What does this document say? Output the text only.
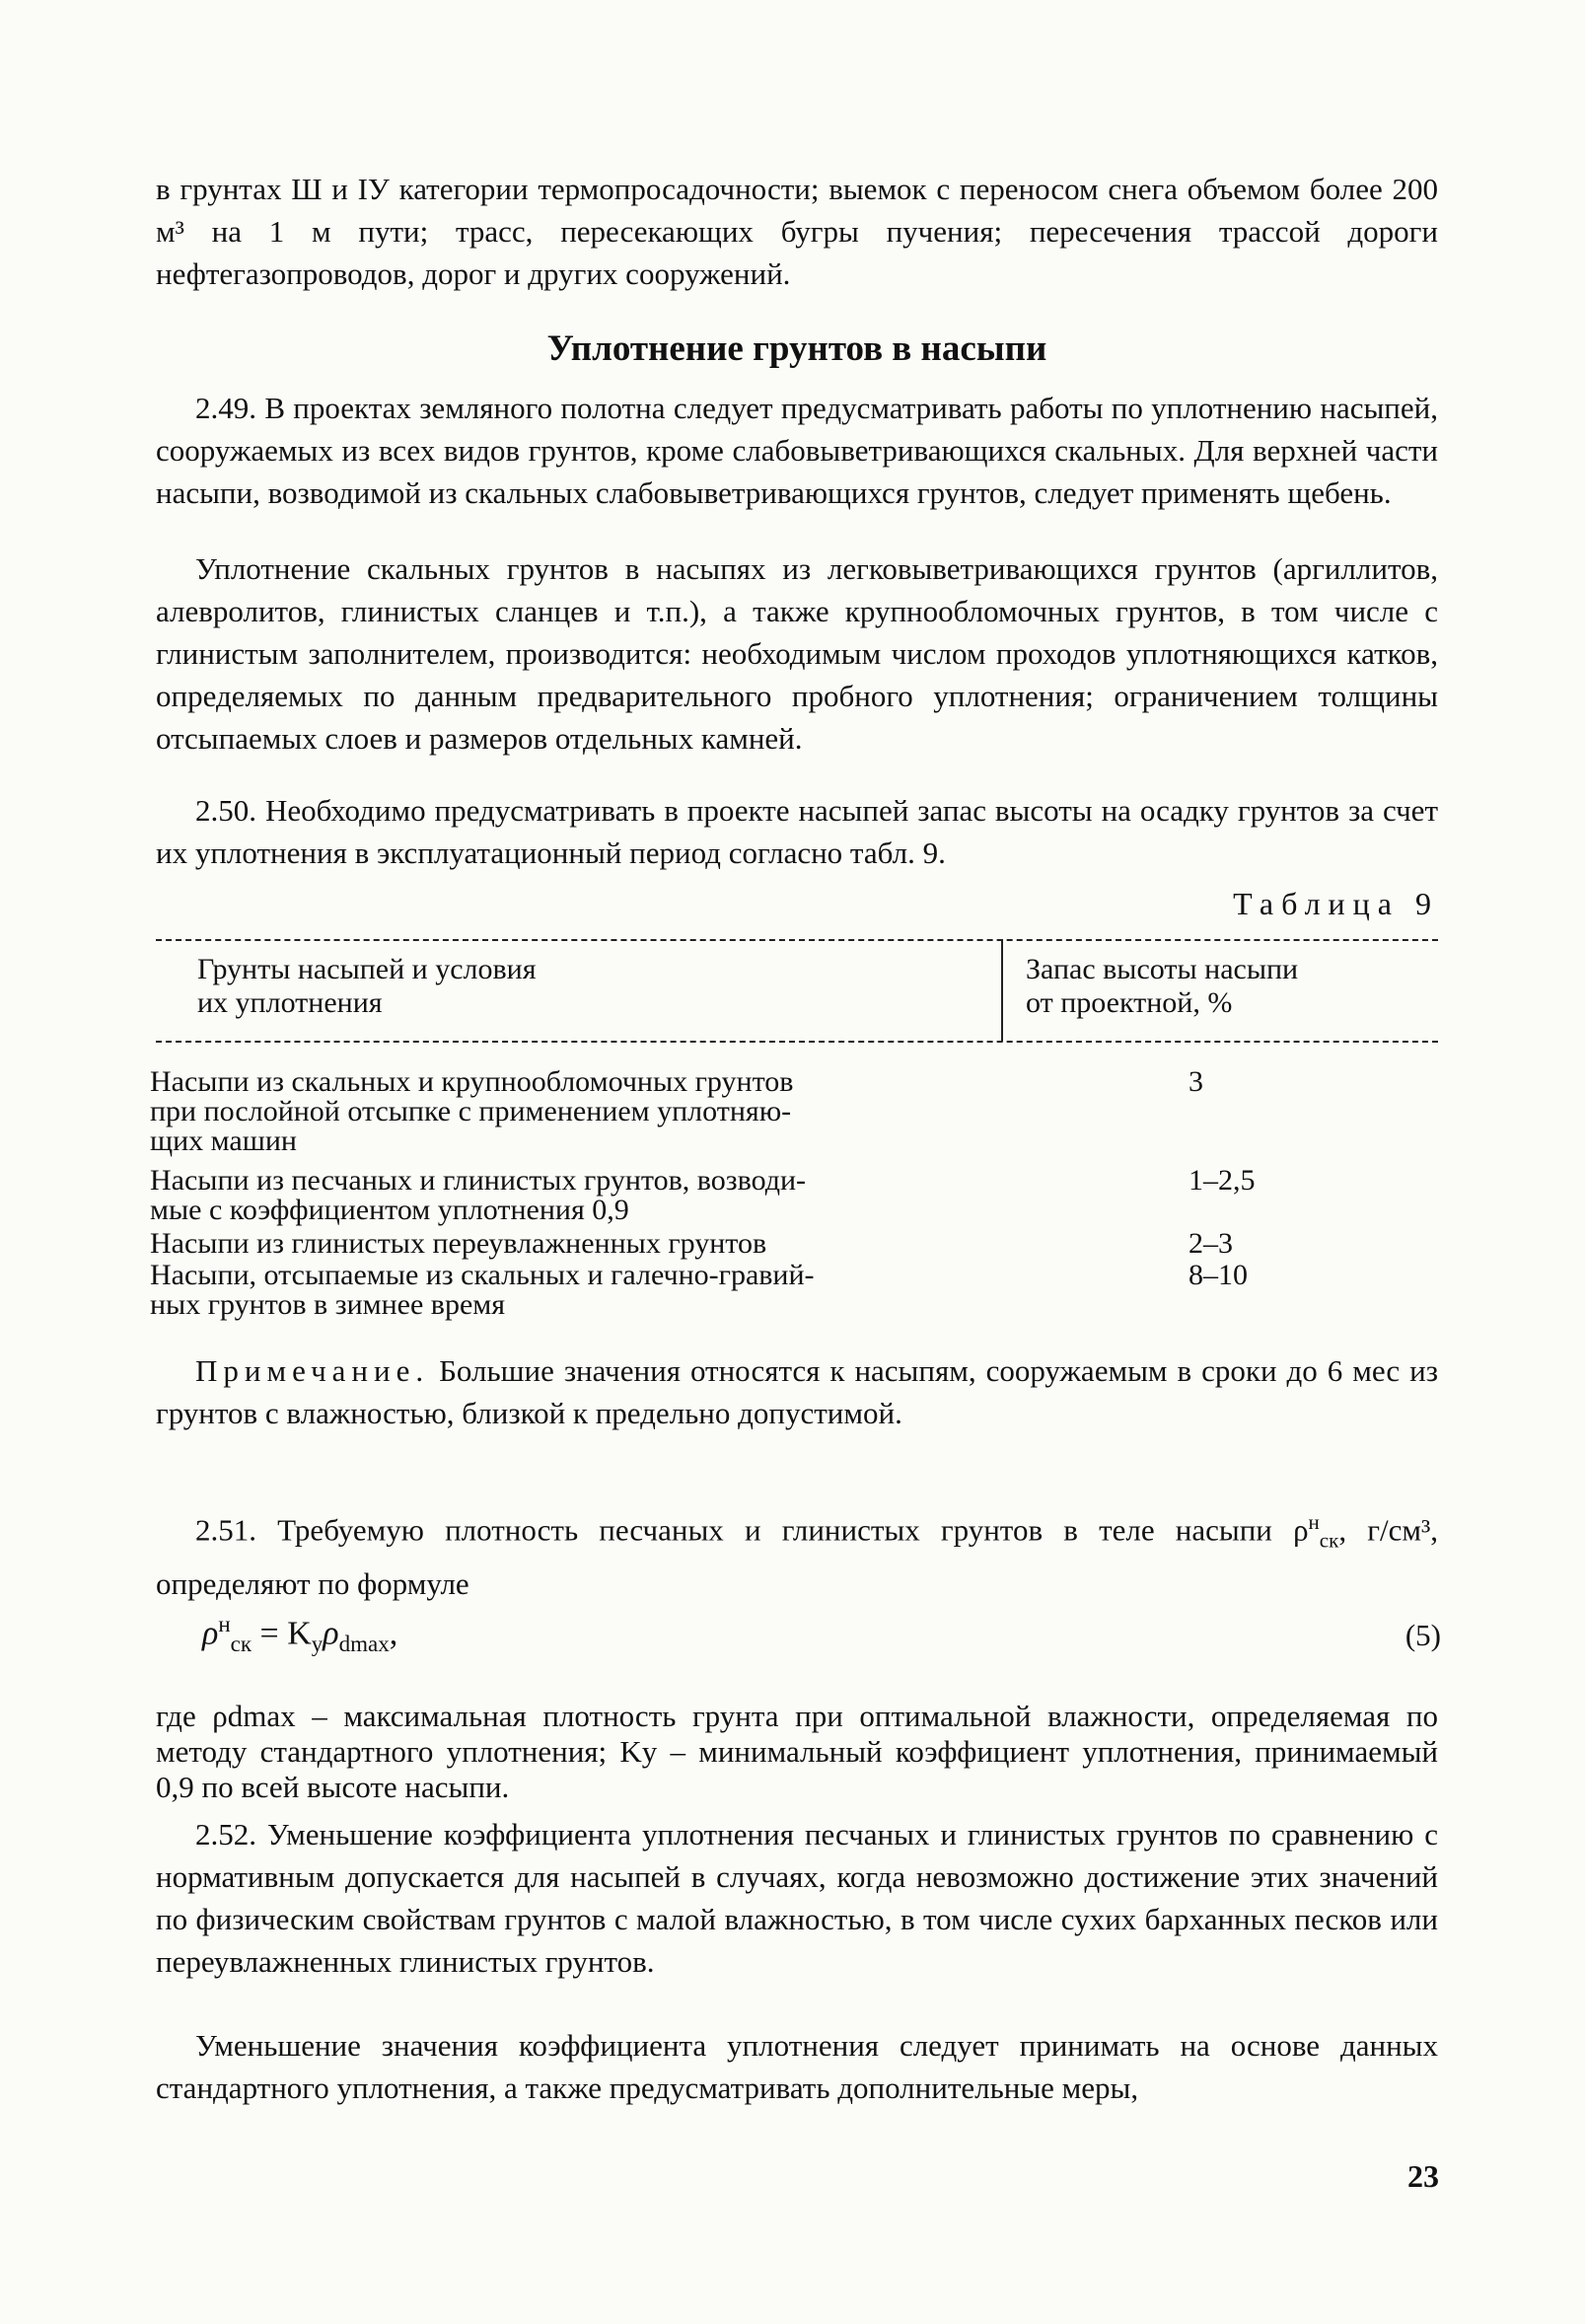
в грунтах Ш и IУ категории термопросадочности; выемок с переносом снега объемом более 200 м³ на 1 м пути; трасс, пересекающих бугры пучения; пересечения трассой дороги нефтегазопроводов, дорог и других сооружений.

Уплотнение грунтов в насыпи

2.49. В проектах земляного полотна следует предусматривать работы по уплотнению насыпей, сооружаемых из всех видов грунтов, кроме слабовыветривающихся скальных. Для верхней части насыпи, возводимой из скальных слабовыветривающихся грунтов, следует применять щебень.

Уплотнение скальных грунтов в насыпях из легковыветривающихся грунтов (аргиллитов, алевролитов, глинистых сланцев и т.п.), а также крупнообломочных грунтов, в том числе с глинистым заполнителем, производится: необходимым числом проходов уплотняющихся катков, определяемых по данным предварительного пробного уплотнения; ограничением толщины отсыпаемых слоев и размеров отдельных камней.

2.50. Необходимо предусматривать в проекте насыпей запас высоты на осадку грунтов за счет их уплотнения в эксплуатационный период согласно табл. 9.

Таблица 9
Грунты насыпей и условия
их уплотнения
Запас высоты насыпи
от проектной, %
Насыпи из скальных и крупнообломочных грунтов
при послойной отсыпке с применением уплотняю-
щих машин
3
Насыпи из песчаных и глинистых грунтов, возводи-
мые с коэффициентом уплотнения 0,9
1–2,5
Насыпи из глинистых переувлажненных грунтов	2–3
Насыпи, отсыпаемые из скальных и галечно-гравий-
ных грунтов в зимнее время
8–10

Примечание. Большие значения относятся к насыпям, сооружаемым в сроки до 6 мес из грунтов с влажностью, близкой к предельно допустимой.

2.51. Требуемую плотность песчаных и глинистых грунтов в теле насыпи $\rho^н_{ск}$, г/см³, определяют по формуле

$\rho^н_{ск} = K_у\rho_{dmax}$,	(5)

где ρdmax – максимальная плотность грунта при оптимальной влажности, определяемая по методу стандартного уплотнения; Kу – минимальный коэффициент уплотнения, принимаемый 0,9 по всей высоте насыпи.

2.52. Уменьшение коэффициента уплотнения песчаных и глинистых грунтов по сравнению с нормативным допускается для насыпей в случаях, когда невозможно достижение этих значений по физическим свойствам грунтов с малой влажностью, в том числе сухих барханных песков или переувлажненных глинистых грунтов.

Уменьшение значения коэффициента уплотнения следует принимать на основе данных стандартного уплотнения, а также предусматривать дополнительные меры,

23
